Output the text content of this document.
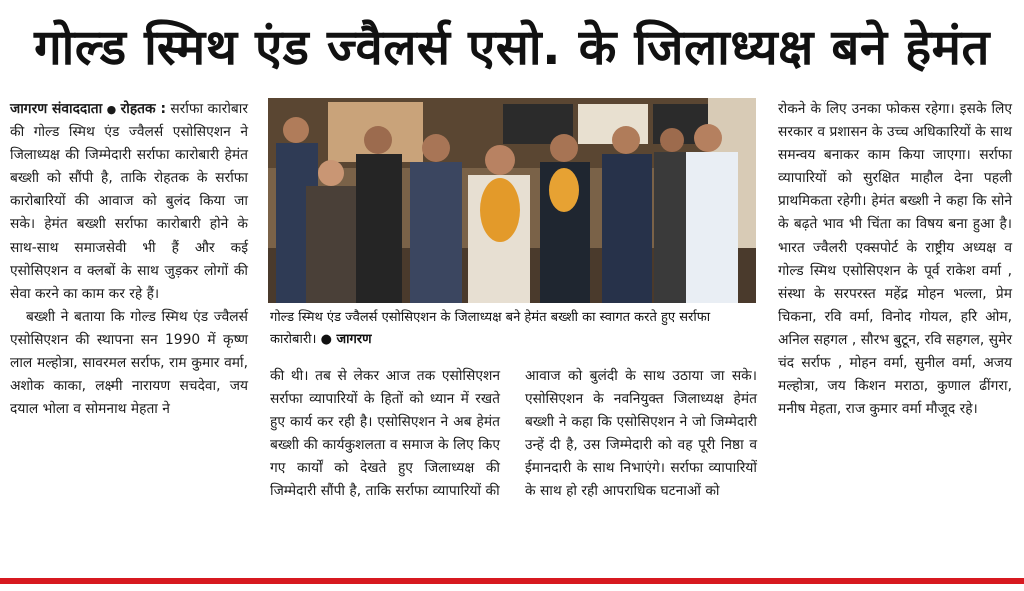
गोल्ड स्मिथ एंड ज्वैलर्स एसो. के जिलाध्यक्ष बने हेमंत

जागरण संवाददाता ● रोहतक : सर्राफा कारोबार की गोल्ड स्मिथ एंड ज्वैलर्स एसोसिएशन ने जिलाध्यक्ष की जिम्मेदारी सर्राफा कारोबारी हेमंत बख्शी को सौंपी है, ताकि रोहतक के सर्राफा कारोबारियों की आवाज को बुलंद किया जा सके। हेमंत बख्शी सर्राफा कारोबारी होने के साथ-साथ समाजसेवी भी हैं और कई एसोसिएशन व क्लबों के साथ जुड़कर लोगों की सेवा करने का काम कर रहे हैं।

बख्शी ने बताया कि गोल्ड स्मिथ एंड ज्वैलर्स एसोसिएशन की स्थापना सन 1990 में कृष्ण लाल मल्होत्रा, सावरमल सर्राफ, राम कुमार वर्मा, अशोक काका, लक्ष्मी नारायण सचदेवा, जय दयाल भोला व सोमनाथ मेहता ने

गोल्ड स्मिथ एंड ज्वैलर्स एसोसिएशन के जिलाध्यक्ष बने हेमंत बख्शी का स्वागत करते हुए सर्राफा कारोबारी। ● जागरण

की थी। तब से लेकर आज तक एसोसिएशन सर्राफा व्यापारियों के हितों को ध्यान में रखते हुए कार्य कर रही है। एसोसिएशन ने अब हेमंत बख्शी की कार्यकुशलता व समाज के लिए किए गए कार्यों को देखते हुए जिलाध्यक्ष की जिम्मेदारी सौंपी है, ताकि सर्राफा व्यापारियों की

आवाज को बुलंदी के साथ उठाया जा सके। एसोसिएशन के नवनियुक्त जिलाध्यक्ष हेमंत बख्शी ने कहा कि एसोसिएशन ने जो जिम्मेदारी उन्हें दी है, उस जिम्मेदारी को वह पूरी निष्ठा व ईमानदारी के साथ निभाएंगे। सर्राफा व्यापारियों के साथ हो रही आपराधिक घटनाओं को

रोकने के लिए उनका फोकस रहेगा। इसके लिए सरकार व प्रशासन के उच्च अधिकारियों के साथ समन्वय बनाकर काम किया जाएगा। सर्राफा व्यापारियों को सुरक्षित माहौल देना पहली प्राथमिकता रहेगी। हेमंत बख्शी ने कहा कि सोने के बढ़ते भाव भी चिंता का विषय बना हुआ है। भारत ज्वैलरी एक्सपोर्ट के राष्ट्रीय अध्यक्ष व गोल्ड स्मिथ एसोसिएशन के पूर्व राकेश वर्मा , संस्था के सरपरस्त महेंद्र मोहन भल्ला, प्रेम चिकना, रवि वर्मा, विनोद गोयल, हरि ओम, अनिल सहगल , सौरभ बुटून, रवि सहगल, सुमेर चंद सर्राफ , मोहन वर्मा, सुनील वर्मा, अजय मल्होत्रा, जय किशन मराठा, कुणाल ढींगरा, मनीष मेहता, राज कुमार वर्मा मौजूद रहे।
